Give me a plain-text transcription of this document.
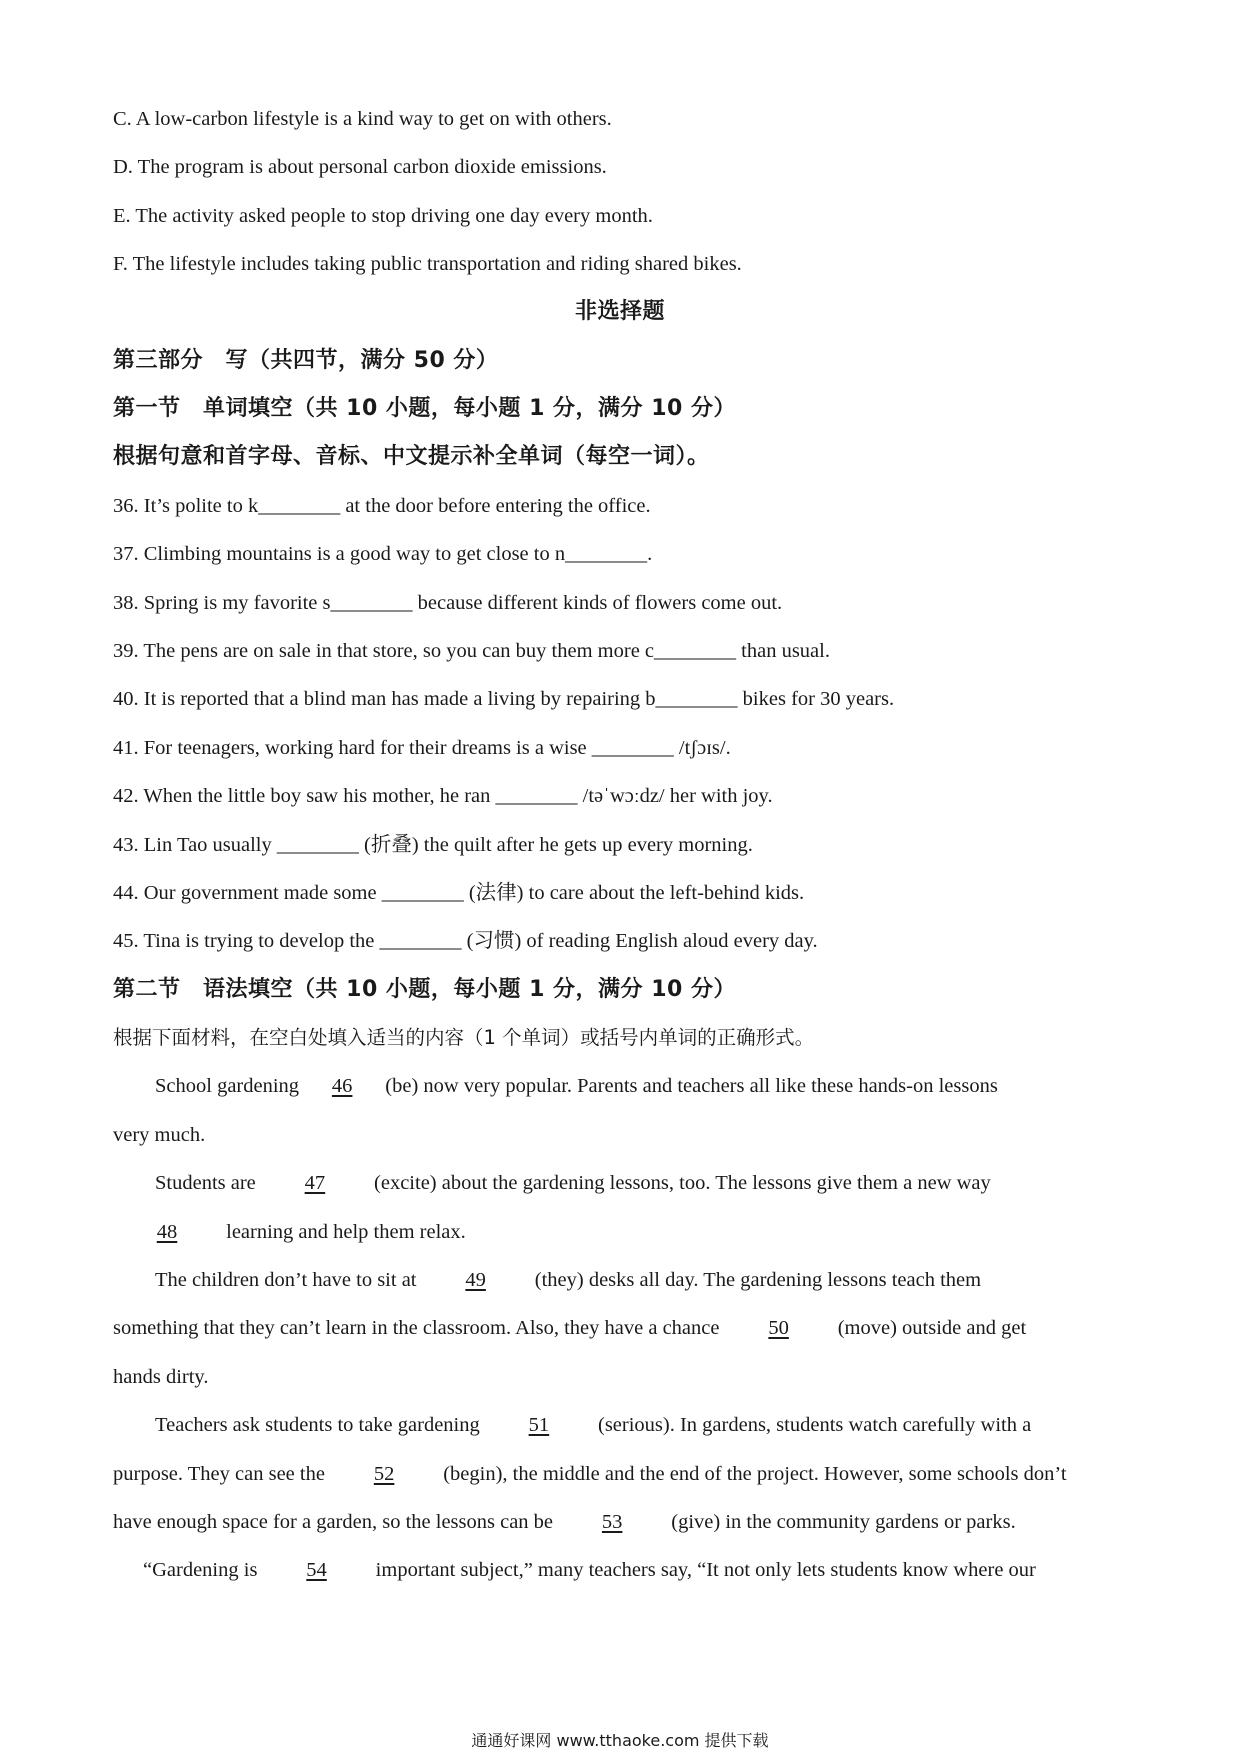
C. A low-carbon lifestyle is a kind way to get on with others.
D. The program is about personal carbon dioxide emissions.
E. The activity asked people to stop driving one day every month.
F. The lifestyle includes taking public transportation and riding shared bikes.
非选择题
第三部分　写（共四节，满分 50 分）
第一节　单词填空（共 10 小题，每小题 1 分，满分 10 分）
根据句意和首字母、音标、中文提示补全单词（每空一词）。
36. It’s polite to k________ at the door before entering the office.
37. Climbing mountains is a good way to get close to n________.
38. Spring is my favorite s________ because different kinds of flowers come out.
39. The pens are on sale in that store, so you can buy them more c________ than usual.
40. It is reported that a blind man has made a living by repairing b________ bikes for 30 years.
41. For teenagers, working hard for their dreams is a wise ________ /tʃɔɪs/.
42. When the little boy saw his mother, he ran ________ /təˈwɔːdz/ her with joy.
43. Lin Tao usually ________ (折叠) the quilt after he gets up every morning.
44. Our government made some ________ (法律) to care about the left-behind kids.
45. Tina is trying to develop the ________ (习惯) of reading English aloud every day.
第二节　语法填空（共 10 小题，每小题 1 分，满分 10 分）
根据下面材料，在空白处填入适当的内容（1 个单词）或括号内单词的正确形式。
School gardening 46 (be) now very popular. Parents and teachers all like these hands-on lessons
very much.
Students are 47 (excite) about the gardening lessons, too. The lessons give them a new way
48 learning and help them relax.
The children don’t have to sit at 49 (they) desks all day. The gardening lessons teach them
something that they can’t learn in the classroom. Also, they have a chance 50 (move) outside and get
hands dirty.
Teachers ask students to take gardening 51 (serious). In gardens, students watch carefully with a
purpose. They can see the 52 (begin), the middle and the end of the project. However, some schools don’t
have enough space for a garden, so the lessons can be 53 (give) in the community gardens or parks.
“Gardening is 54 important subject,” many teachers say, “It not only lets students know where our
通通好课网 www.tthaoke.com 提供下载
